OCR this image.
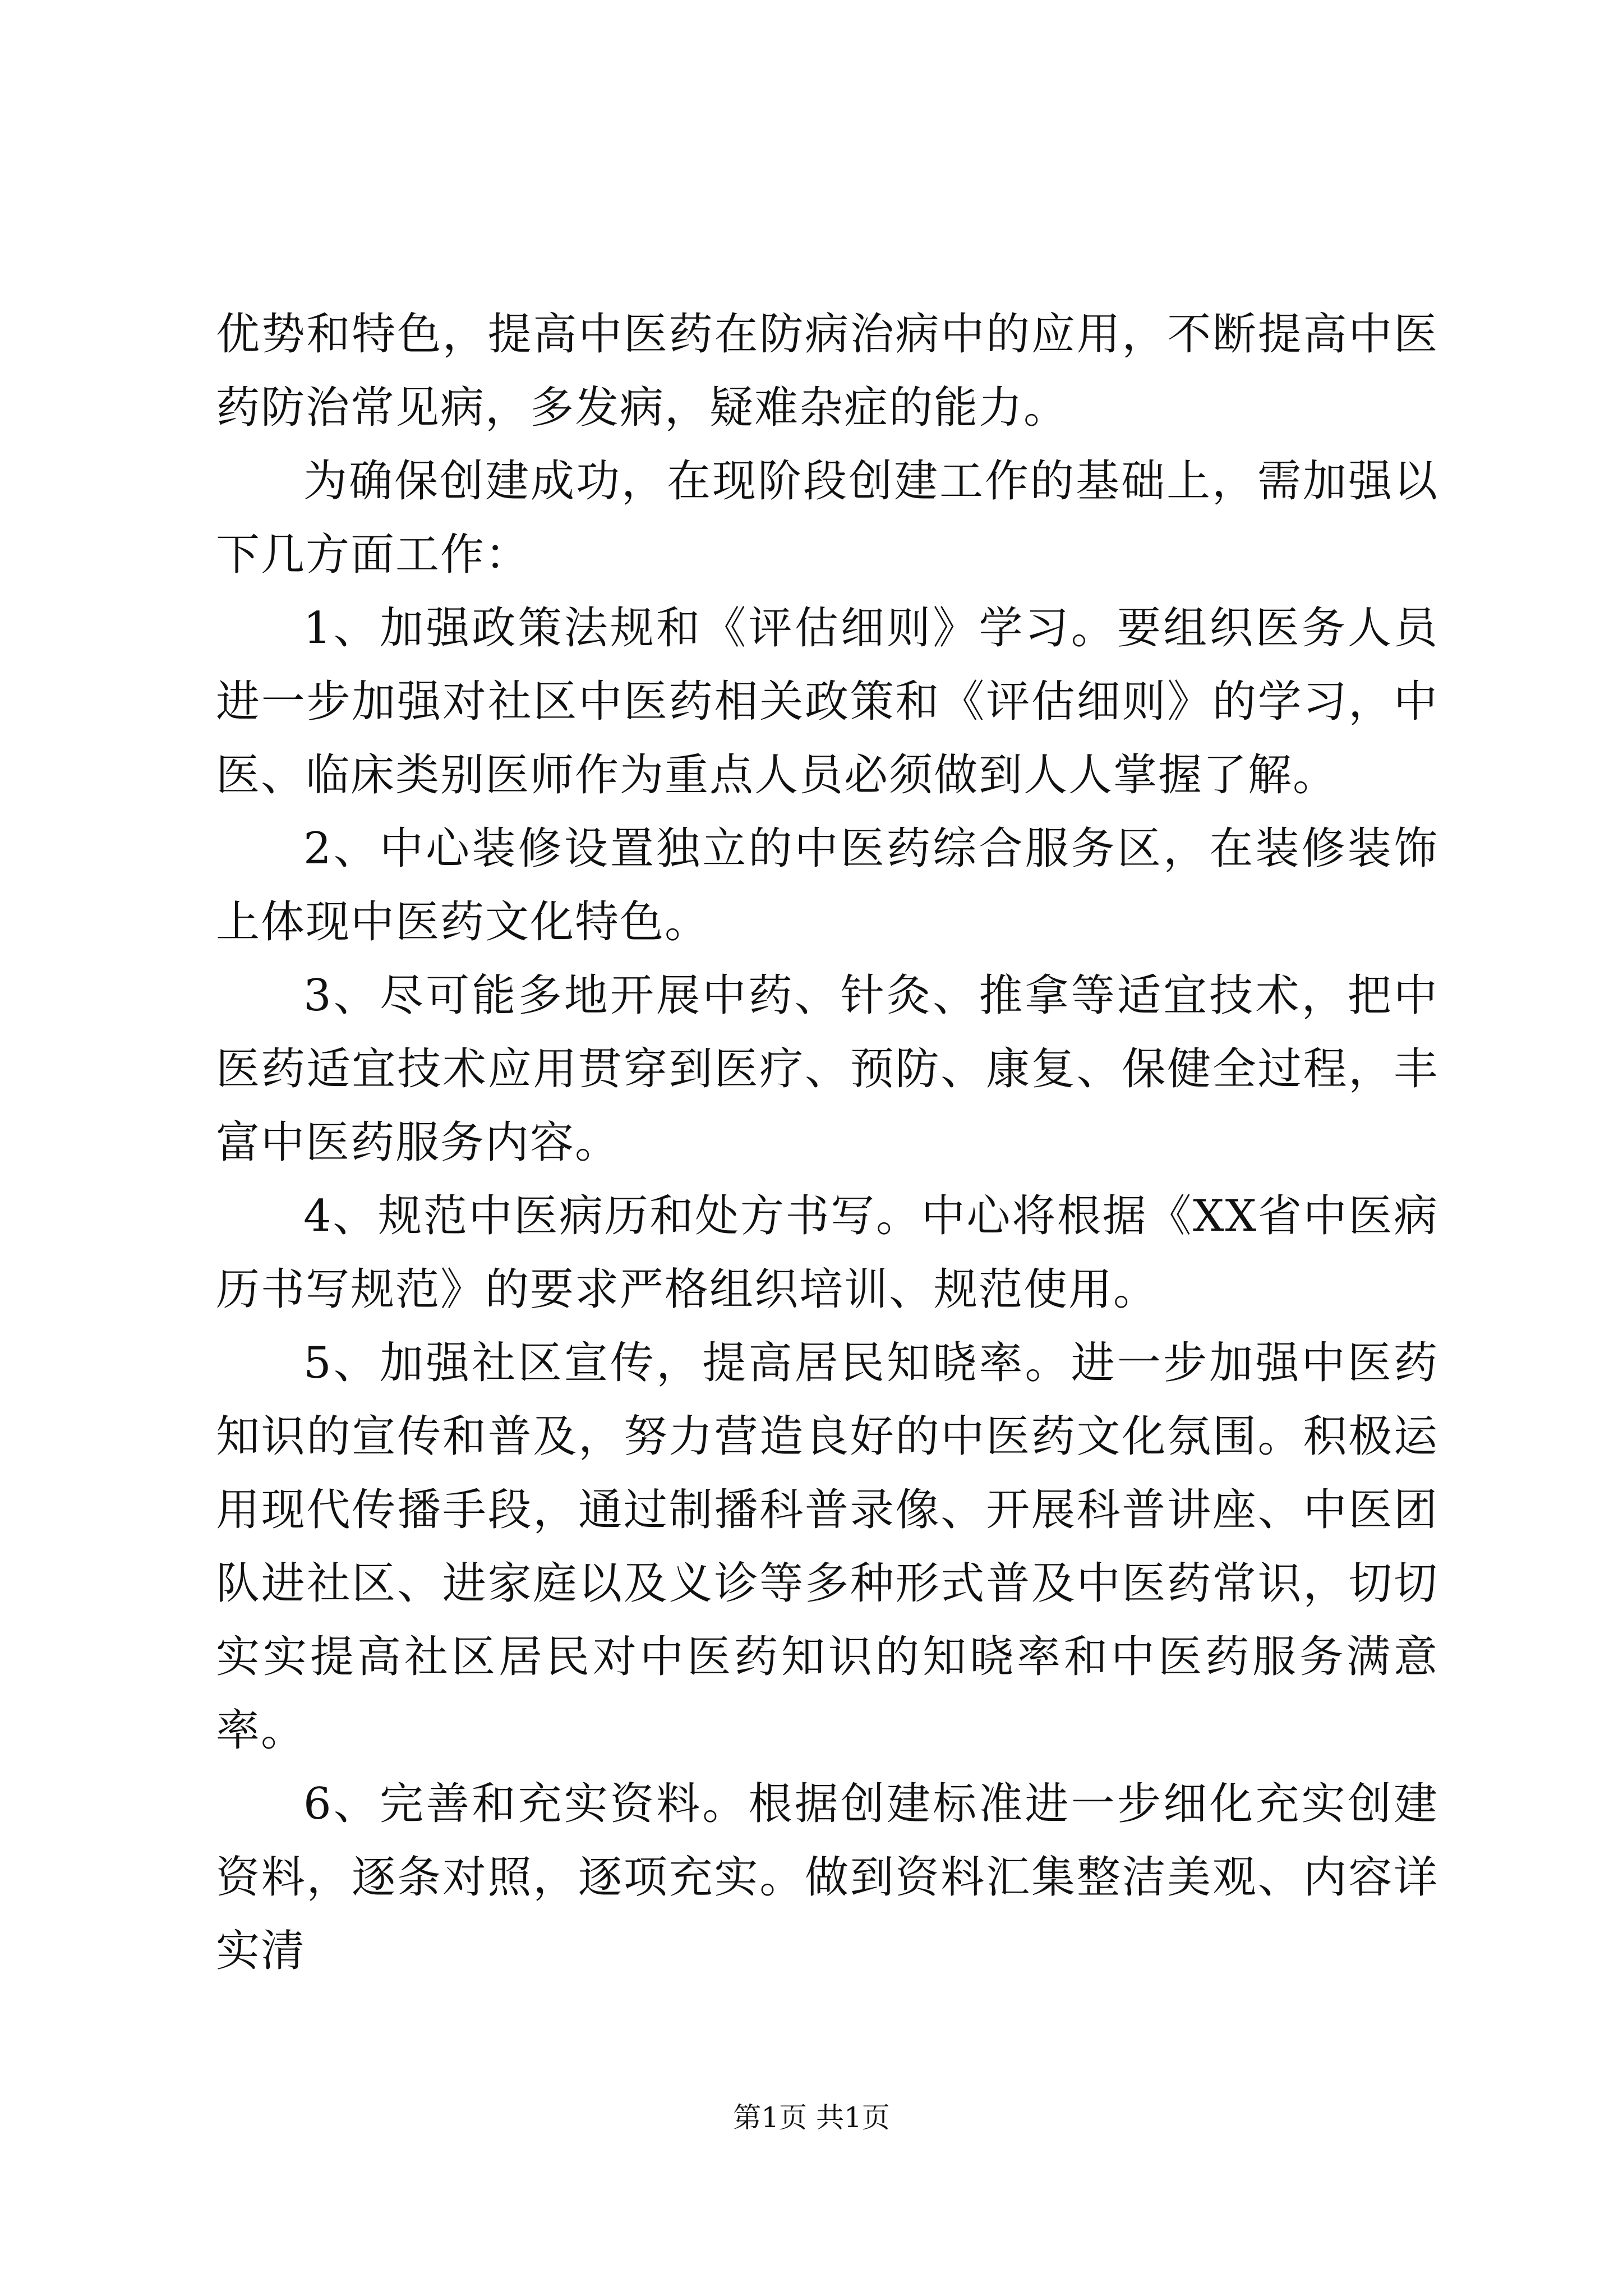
优势和特色，提高中医药在防病治病中的应用，不断提高中医药防治常见病，多发病，疑难杂症的能力。

为确保创建成功，在现阶段创建工作的基础上，需加强以下几方面工作：

1、加强政策法规和《评估细则》学习。要组织医务人员进一步加强对社区中医药相关政策和《评估细则》的学习，中医、临床类别医师作为重点人员必须做到人人掌握了解。

2、中心装修设置独立的中医药综合服务区，在装修装饰上体现中医药文化特色。

3、尽可能多地开展中药、针灸、推拿等适宜技术，把中医药适宜技术应用贯穿到医疗、预防、康复、保健全过程，丰富中医药服务内容。

4、规范中医病历和处方书写。中心将根据《XX省中医病历书写规范》的要求严格组织培训、规范使用。

5、加强社区宣传，提高居民知晓率。进一步加强中医药知识的宣传和普及，努力营造良好的中医药文化氛围。积极运用现代传播手段，通过制播科普录像、开展科普讲座、中医团队进社区、进家庭以及义诊等多种形式普及中医药常识，切切实实提高社区居民对中医药知识的知晓率和中医药服务满意率。

6、完善和充实资料。根据创建标准进一步细化充实创建资料，逐条对照，逐项充实。做到资料汇集整洁美观、内容详实清

第1页 共1页
